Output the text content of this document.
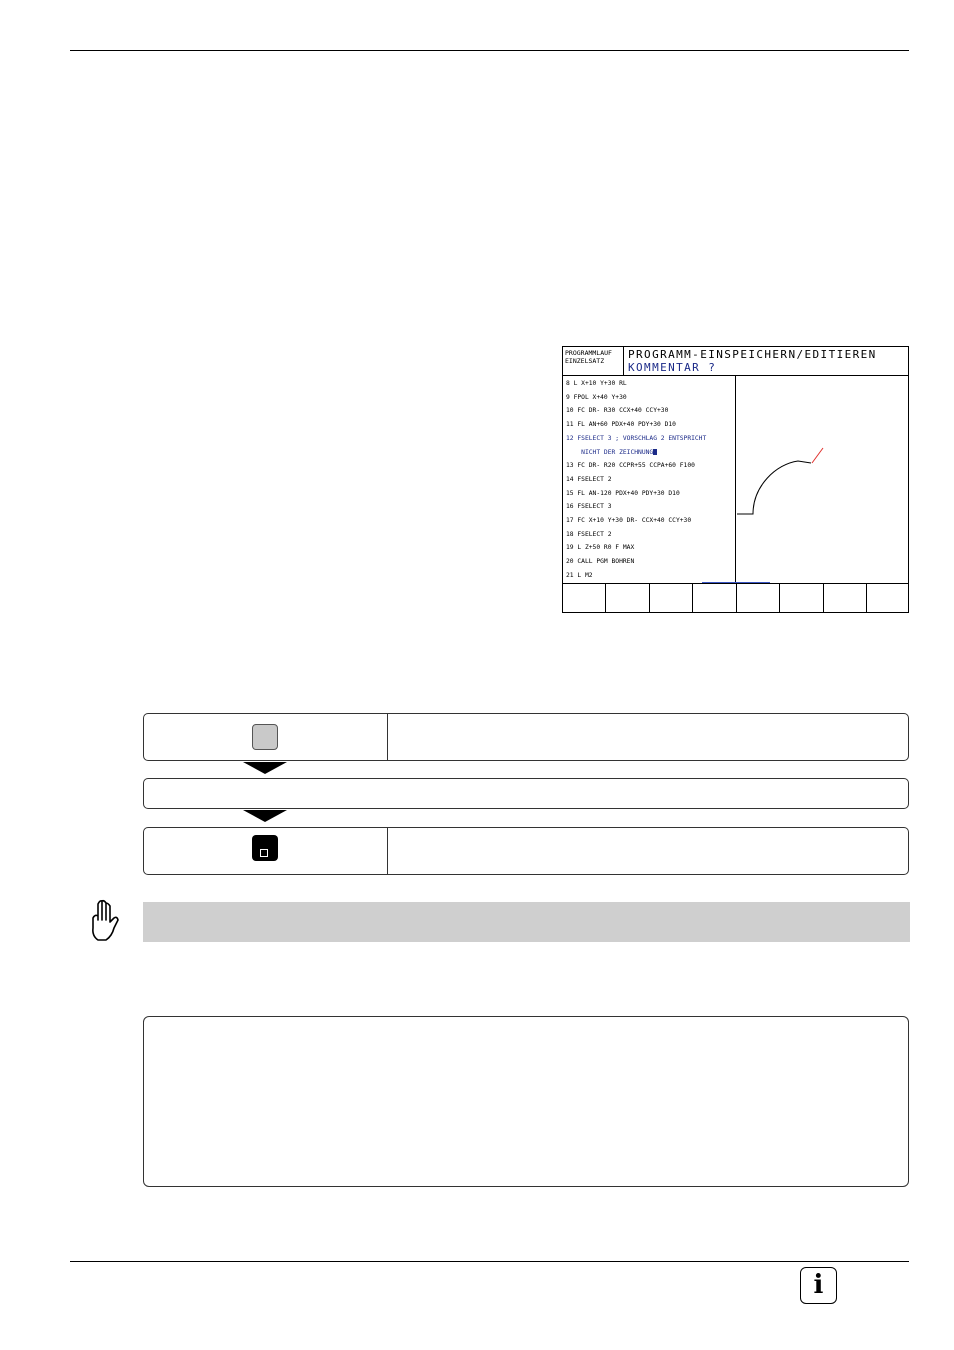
PROGRAMMLAUF
EINZELSATZ	PROGRAMM-EINSPEICHERN/EDITIEREN
KOMMENTAR ?
8 L X+10 Y+30 RL
9 FPOL X+40 Y+30
10 FC DR- R30 CCX+40 CCY+30
11 FL AN+60 PDX+40 PDY+30 D10
12 FSELECT 3 ; VORSCHLAG 2 ENTSPRICHT
NICHT DER ZEICHNUNG
13 FC DR- R20 CCPR+55 CCPA+60 F100
14 FSELECT 2
15 FL AN-120 PDX+40 PDY+30 D10
16 FSELECT 3
17 FC X+10 Y+30 DR- CCX+40 CCY+30
18 FSELECT 2
19 L Z+50 R0 F MAX
20 CALL PGM BOHREN
21 L M2
i
